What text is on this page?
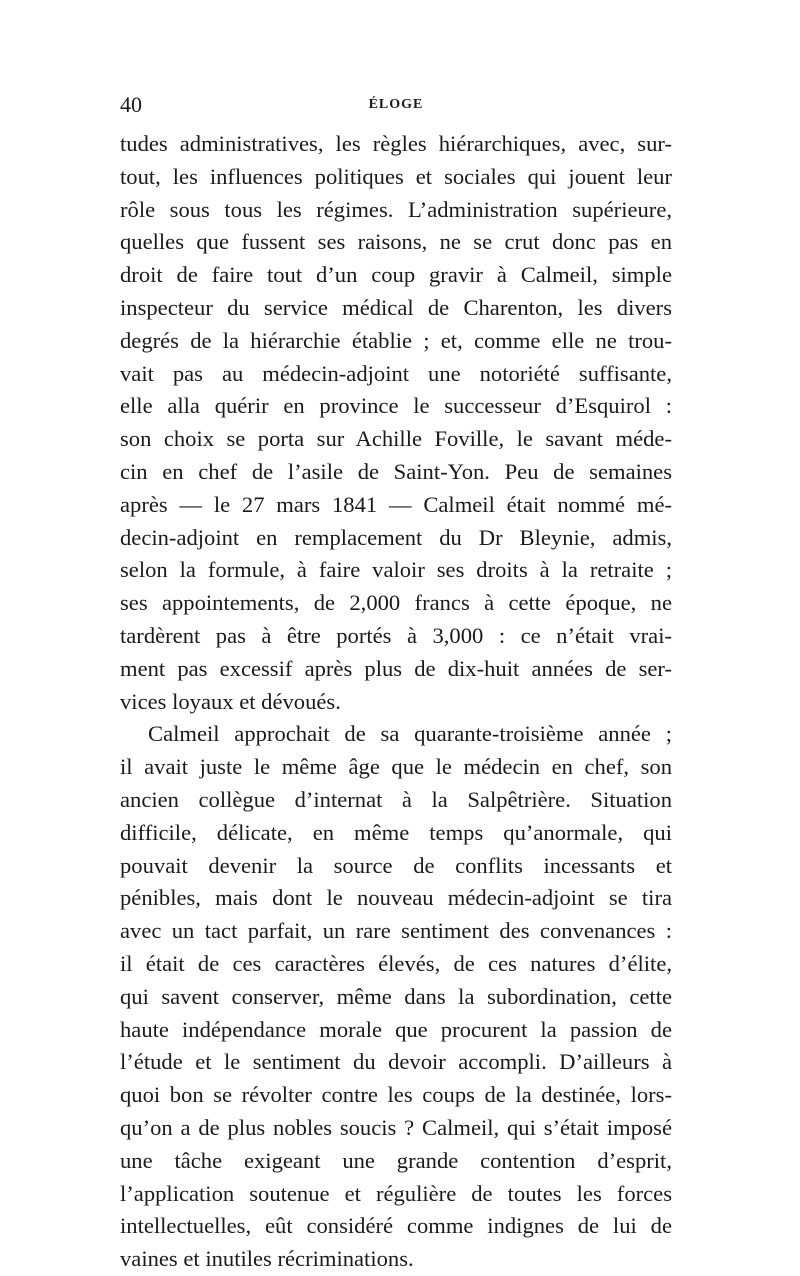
40	ÉLOGE
tudes administratives, les règles hiérarchiques, avec, sur-
tout, les influences politiques et sociales qui jouent leur
rôle sous tous les régimes. L’administration supérieure,
quelles que fussent ses raisons, ne se crut donc pas en
droit de faire tout d’un coup gravir à Calmeil, simple
inspecteur du service médical de Charenton, les divers
degrés de la hiérarchie établie ; et, comme elle ne trou-
vait pas au médecin-adjoint une notoriété suffisante,
elle alla quérir en province le successeur d’Esquirol :
son choix se porta sur Achille Foville, le savant méde-
cin en chef de l’asile de Saint-Yon. Peu de semaines
après — le 27 mars 1841 — Calmeil était nommé mé-
decin-adjoint en remplacement du Dr Bleynie, admis,
selon la formule, à faire valoir ses droits à la retraite ;
ses appointements, de 2,000 francs à cette époque, ne
tardèrent pas à être portés à 3,000 : ce n’était vrai-
ment pas excessif après plus de dix-huit années de ser-
vices loyaux et dévoués.
Calmeil approchait de sa quarante-troisième année ;
il avait juste le même âge que le médecin en chef, son
ancien collègue d’internat à la Salpêtrière. Situation
difficile, délicate, en même temps qu’anormale, qui
pouvait devenir la source de conflits incessants et
pénibles, mais dont le nouveau médecin-adjoint se tira
avec un tact parfait, un rare sentiment des convenances :
il était de ces caractères élevés, de ces natures d’élite,
qui savent conserver, même dans la subordination, cette
haute indépendance morale que procurent la passion de
l’étude et le sentiment du devoir accompli. D’ailleurs à
quoi bon se révolter contre les coups de la destinée, lors-
qu’on a de plus nobles soucis ? Calmeil, qui s’était imposé
une tâche exigeant une grande contention d’esprit,
l’application soutenue et régulière de toutes les forces
intellectuelles, eût considéré comme indignes de lui de
vaines et inutiles récriminations.
